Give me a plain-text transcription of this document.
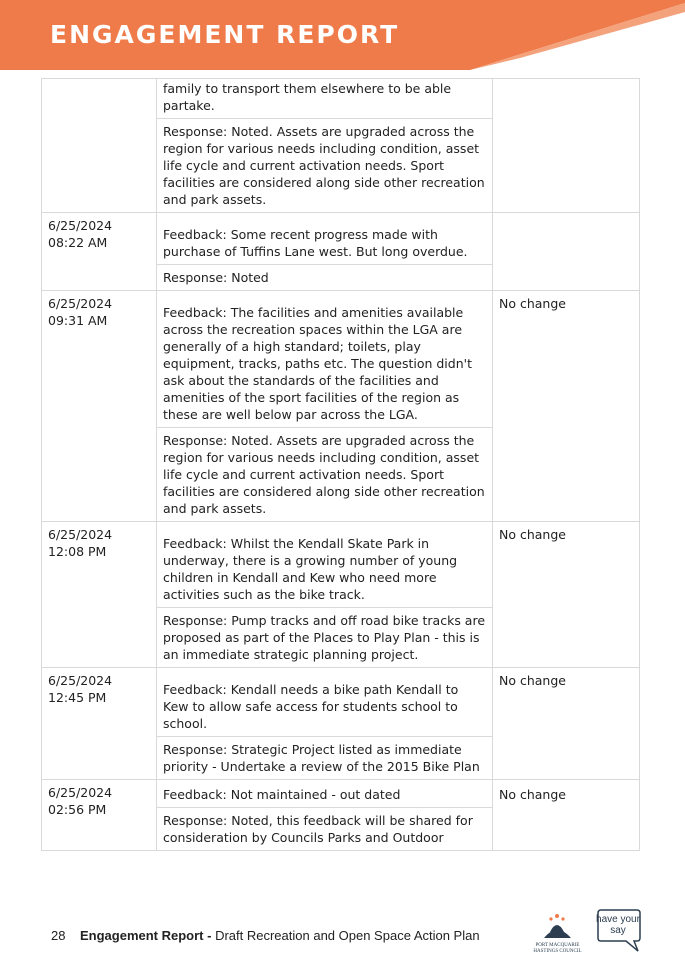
ENGAGEMENT REPORT
	family to transport them elsewhere to be able partake.	
	Response: Noted. Assets are upgraded across the region for various needs including condition, asset life cycle and current activation needs. Sport facilities are considered along side other recreation and park assets.	
6/25/2024 08:22 AM	Feedback: Some recent progress made with purchase of Tuffins Lane west. But long overdue.	
	Response: Noted	
6/25/2024 09:31 AM	Feedback: The facilities and amenities available across the recreation spaces within the LGA are generally of a high standard; toilets, play equipment, tracks, paths etc. The question didn't ask about the standards of the facilities and amenities of the sport facilities of the region as these are well below par across the LGA.	No change
	Response: Noted. Assets are upgraded across the region for various needs including condition, asset life cycle and current activation needs. Sport facilities are considered along side other recreation and park assets.	
6/25/2024 12:08 PM	Feedback: Whilst the Kendall Skate Park in underway, there is a growing number of young children in Kendall and Kew who need more activities such as the bike track.	No change
	Response: Pump tracks and off road bike tracks are proposed as part of the Places to Play Plan - this is an immediate strategic planning project.	
6/25/2024 12:45 PM	Feedback: Kendall needs a bike path Kendall to Kew to allow safe access for students school to school.	No change
	Response: Strategic Project listed as immediate priority - Undertake a review of the 2015 Bike Plan	
6/25/2024 02:56 PM	Feedback: Not maintained - out dated	No change
	Response: Noted, this feedback will be shared for consideration by Councils Parks and Outdoor	
28 Engagement Report - Draft Recreation and Open Space Action Plan
PORT MACQUARIE HASTINGS COUNCIL
have your say
